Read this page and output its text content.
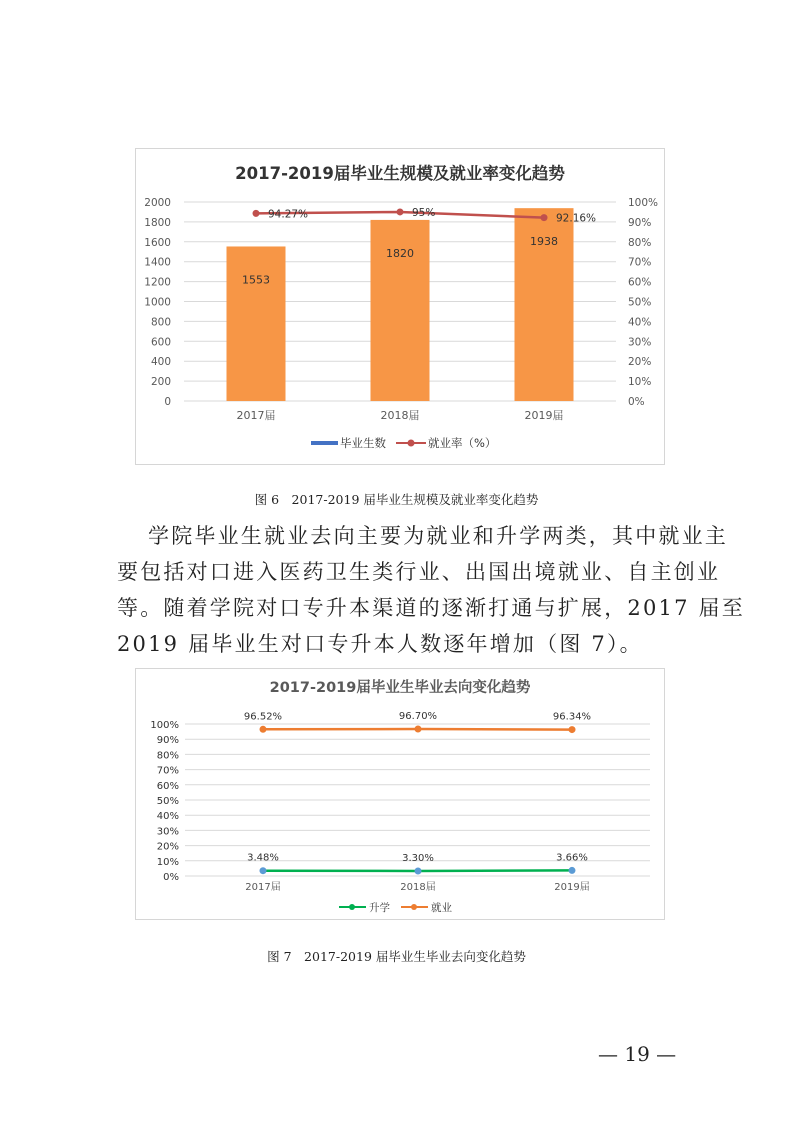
2017-2019届毕业生规模及就业率变化趋势
0
200
400
600
800
1000
1200
1400
1600
1800
2000
0%
10%
20%
30%
40%
50%
60%
70%
80%
90%
100%
1553
1820
1938
2017届	2018届	2019届
94.27%	95%	92.16%
毕业生数	就业率（%）
图 6　2017-2019 届毕业生规模及就业率变化趋势
学院毕业生就业去向主要为就业和升学两类，其中就业主
要包括对口进入医药卫生类行业、出国出境就业、自主创业
等。随着学院对口专升本渠道的逐渐打通与扩展，2017 届至
2019 届毕业生对口专升本人数逐年增加（图 7）。
2017-2019届毕业生毕业去向变化趋势
0%
10%
20%
30%
40%
50%
60%
70%
80%
90%
100%
2017届	2018届	2019届
96.52%	96.70%	96.34%
3.48%	3.30%	3.66%
升学	就业
图 7　2017-2019 届毕业生毕业去向变化趋势
— 19 —
